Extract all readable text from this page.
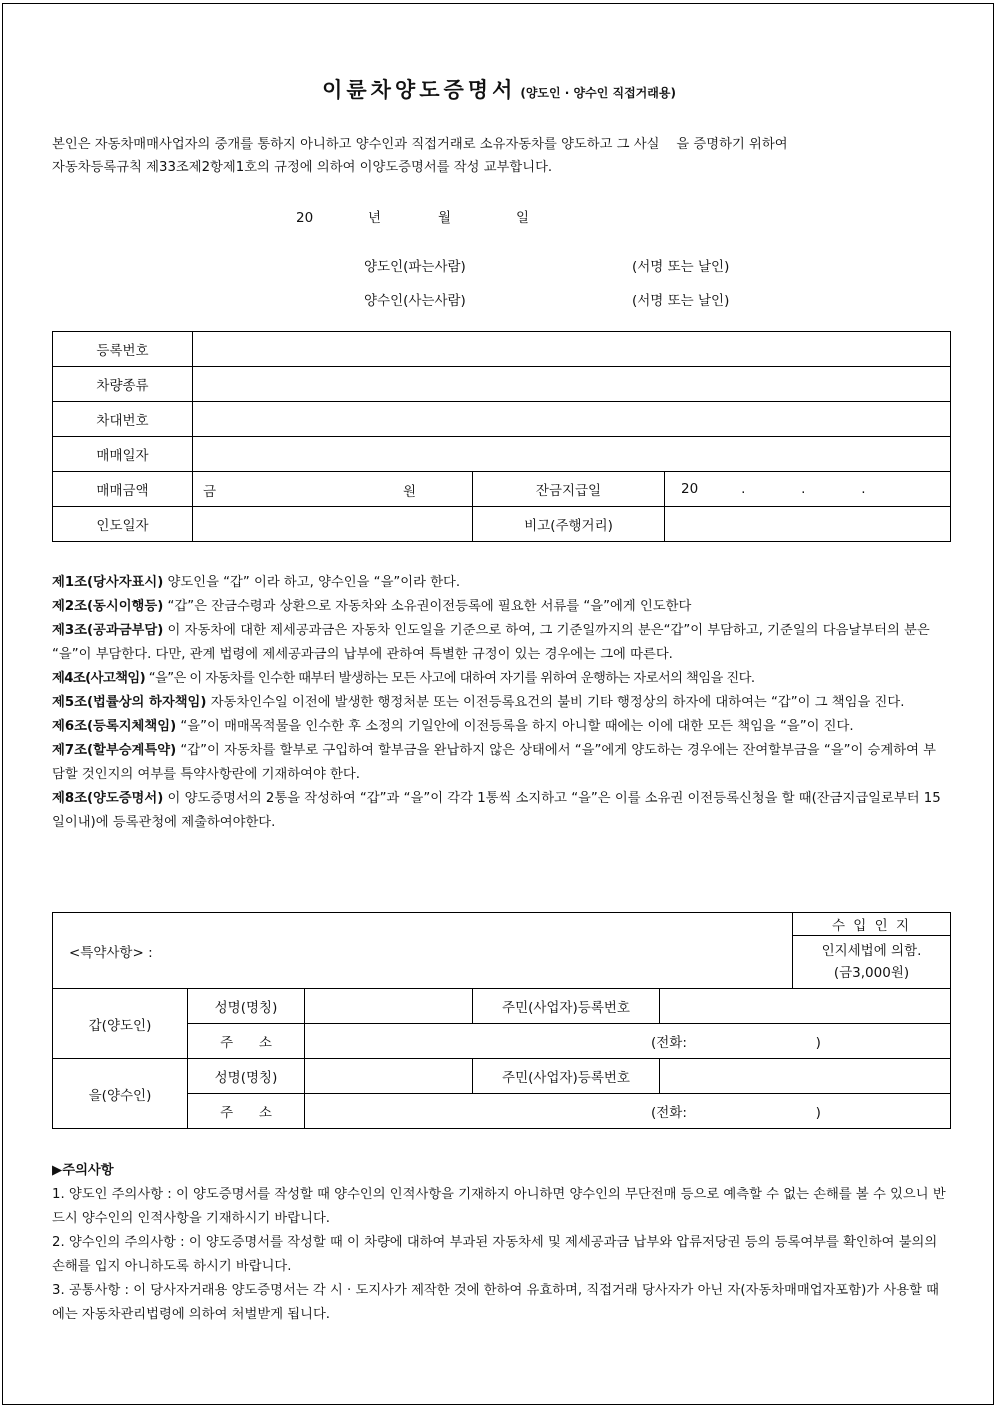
이륜차양도증명서 (양도인 · 양수인 직접거래용)
본인은 자동차매매사업자의 중개를 통하지 아니하고 양수인과 직접거래로 소유자동차를 양도하고 그 사실    을 증명하기 위하여
자동차등록규칙 제33조제2항제1호의 규정에 의하여 이양도증명서를 작성 교부합니다.
20	년	월	일
양도인(파는사람)	(서명 또는 날인)
양수인(사는사람)	(서명 또는 날인)
등록번호			
차량종류			
차대번호			
매매일자			
매매금액	금 원	잔금지급일	20          .             .             .
인도일자		비고(주행거리)	
제1조(당사자표시) 양도인을 “갑” 이라 하고, 양수인을 “을”이라 한다.
제2조(동시이행등) “갑”은 잔금수령과 상환으로 자동차와 소유권이전등록에 필요한 서류를 “을”에게 인도한다
제3조(공과금부담) 이 자동차에 대한 제세공과금은 자동차 인도일을 기준으로 하여, 그 기준일까지의 분은“갑”이 부담하고, 기준일의 다음날부터의 분은 “을”이 부담한다. 다만, 관계 법령에 제세공과금의 납부에 관하여 특별한 규정이 있는 경우에는 그에 따른다.
제4조(사고책임) “을”은 이 자동차를 인수한 때부터 발생하는 모든 사고에 대하여 자기를 위하여 운행하는 자로서의 책임을 진다.
제5조(법률상의 하자책임) 자동차인수일 이전에 발생한 행정처분 또는 이전등록요건의 불비 기타 행정상의 하자에 대하여는 “갑”이 그 책임을 진다.
제6조(등록지체책임) “을”이 매매목적물을 인수한 후 소정의 기일안에 이전등록을 하지 아니할 때에는 이에 대한 모든 책임을 “을”이 진다.
제7조(할부승계특약) “갑”이 자동차를 할부로 구입하여 할부금을 완납하지 않은 상태에서 “을”에게 양도하는 경우에는 잔여할부금을 “을”이 승계하여 부담할 것인지의 여부를 특약사항란에 기재하여야 한다.
제8조(양도증명서) 이 양도증명서의 2통을 작성하여 “갑”과 “을”이 각각 1통씩 소지하고 “을”은 이를 소유권 이전등록신청을 할 때(잔금지급일로부터 15일이내)에 등록관청에 제출하여야한다.
<특약사항> :					수 입 인 지

					인지세법에 의함.
(금3,000원)

갑(양도인)	성명(명칭)		주민(사업자)등록번호		
	주      소	(전화:                              )			
을(양수인)	성명(명칭)		주민(사업자)등록번호		
	주      소	(전화:                              )			
▶주의사항
1. 양도인 주의사항 : 이 양도증명서를 작성할 때 양수인의 인적사항을 기재하지 아니하면 양수인의 무단전매 등으로 예측할 수 없는 손해를 볼 수 있으니 반드시 양수인의 인적사항을 기재하시기 바랍니다.
2. 양수인의 주의사항 : 이 양도증명서를 작성할 때 이 차량에 대하여 부과된 자동차세 및 제세공과금 납부와 압류저당권 등의 등록여부를 확인하여 불의의 손해를 입지 아니하도록 하시기 바랍니다.
3. 공통사항 : 이 당사자거래용 양도증명서는 각 시 · 도지사가 제작한 것에 한하여 유효하며, 직접거래 당사자가 아닌 자(자동차매매업자포함)가 사용할 때에는 자동차관리법령에 의하여 처벌받게 됩니다.
